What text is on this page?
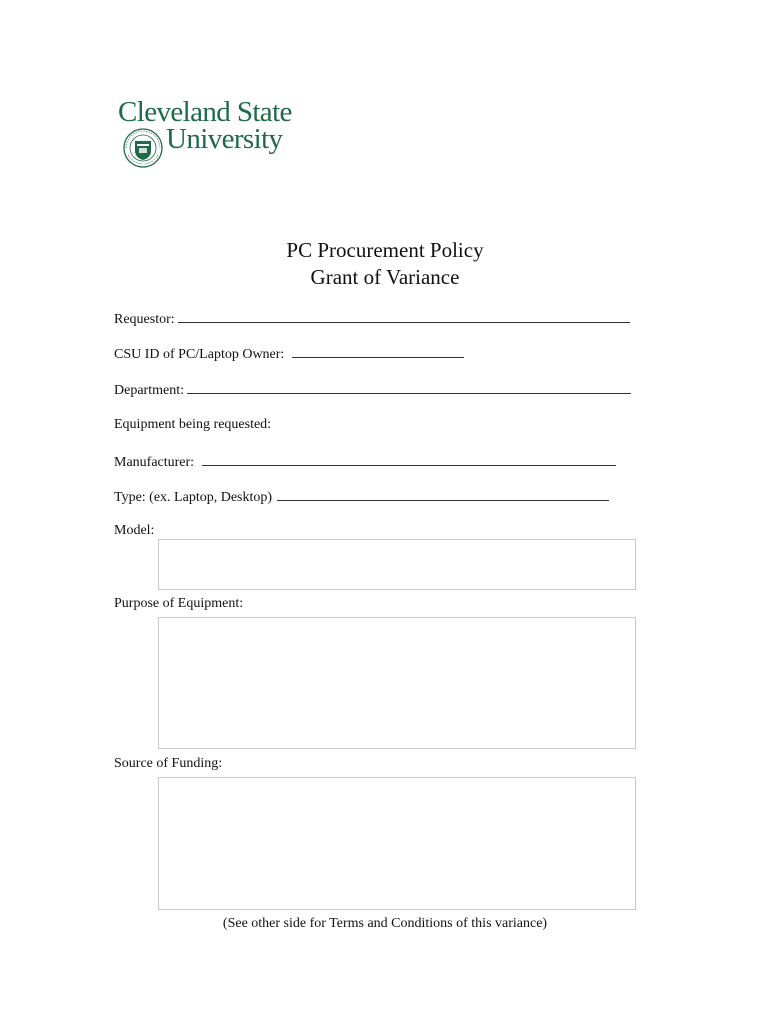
Cleveland State
University
PC Procurement Policy
Grant of Variance
Requestor:
CSU ID of PC/Laptop Owner:
Department:
Equipment being requested:
Manufacturer:
Type: (ex. Laptop, Desktop)
Model:
Purpose of Equipment:
Source of Funding:
(See other side for Terms and Conditions of this variance)
